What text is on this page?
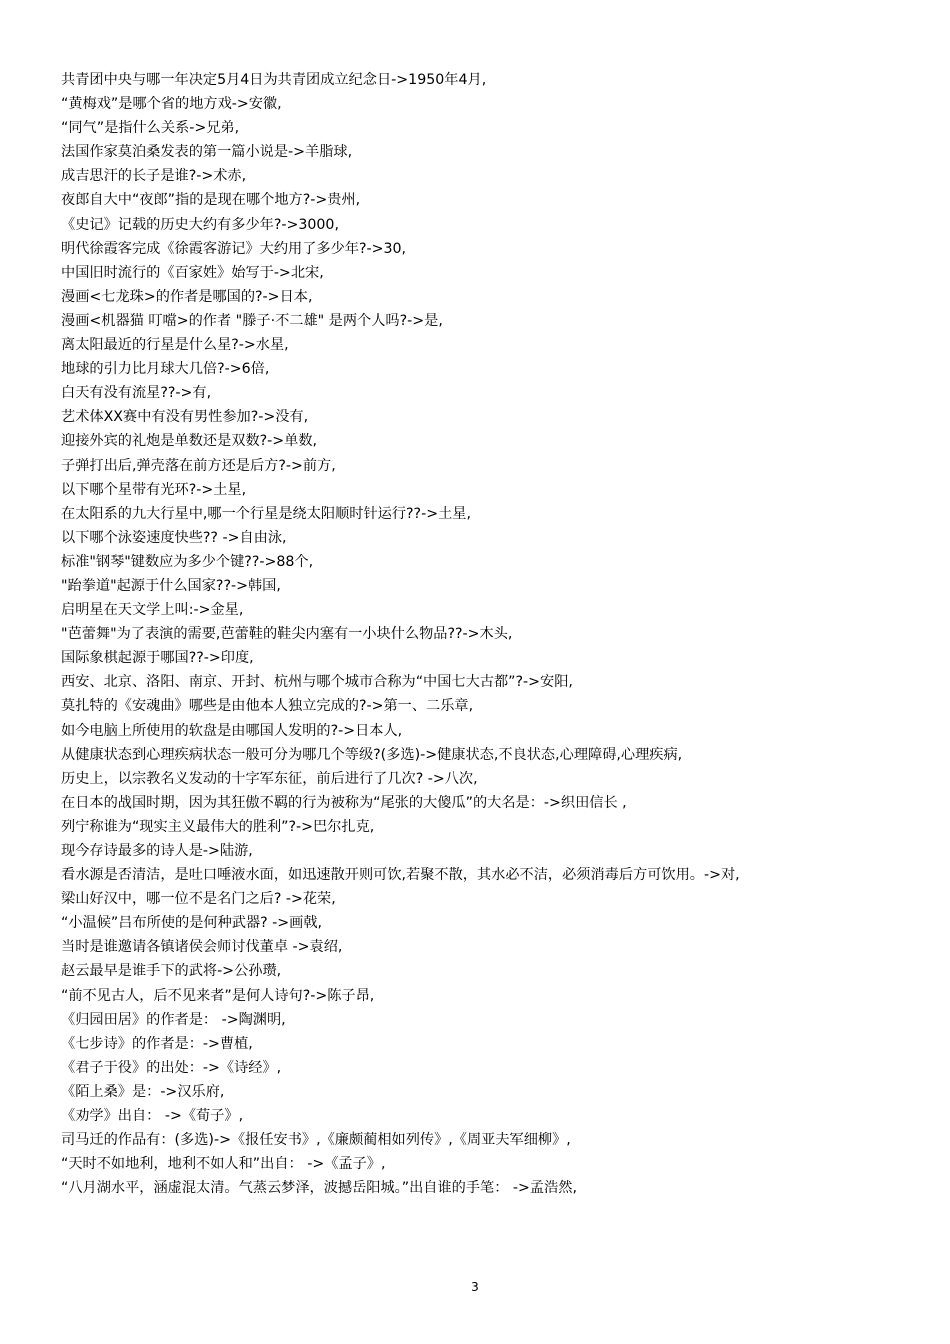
共青团中央与哪一年决定5月4日为共青团成立纪念日->1950年4月,
“黄梅戏”是哪个省的地方戏->安徽,
“同气”是指什么关系->兄弟,
法国作家莫泊桑发表的第一篇小说是->羊脂球,
成吉思汗的长子是谁?->术赤,
夜郎自大中“夜郎”指的是现在哪个地方?->贵州,
《史记》记载的历史大约有多少年?->3000,
明代徐霞客完成《徐霞客游记》大约用了多少年?->30,
中国旧时流行的《百家姓》始写于->北宋,
漫画<七龙珠>的作者是哪国的?->日本,
漫画<机器猫 叮噹>的作者 "滕子·不二雄" 是两个人吗?->是,
离太阳最近的行星是什么星?->水星,
地球的引力比月球大几倍?->6倍,
白天有没有流星??->有,
艺术体XX赛中有没有男性参加?->没有,
迎接外宾的礼炮是单数还是双数?->单数,
子弹打出后,弹壳落在前方还是后方?->前方,
以下哪个星带有光环?->土星,
在太阳系的九大行星中,哪一个行星是绕太阳顺时针运行??->土星,
以下哪个泳姿速度快些?? ->自由泳,
标准"钢琴"键数应为多少个键??->88个,
"跆拳道"起源于什么国家??->韩国,
启明星在天文学上叫:->金星,
"芭蕾舞"为了表演的需要,芭蕾鞋的鞋尖内塞有一小块什么物品??->木头,
国际象棋起源于哪国??->印度,
西安、北京、洛阳、南京、开封、杭州与哪个城市合称为“中国七大古都”?->安阳,
莫扎特的《安魂曲》哪些是由他本人独立完成的?->第一、二乐章,
如今电脑上所使用的软盘是由哪国人发明的?->日本人,
从健康状态到心理疾病状态一般可分为哪几个等级?(多选)->健康状态,不良状态,心理障碍,心理疾病,
历史上，以宗教名义发动的十字军东征，前后进行了几次? ->八次,
在日本的战国时期，因为其狂傲不羁的行为被称为“尾张的大傻瓜”的大名是：->织田信长 ,
列宁称谁为“现实主义最伟大的胜利”?->巴尔扎克,
现今存诗最多的诗人是->陆游,
看水源是否清洁，是吐口唾液水面，如迅速散开则可饮,若聚不散，其水必不洁，必须消毒后方可饮用。->对,
梁山好汉中，哪一位不是名门之后? ->花荣,
“小温候”吕布所使的是何种武器? ->画戟,
当时是谁邀请各镇诸侯会师讨伐董卓 ->袁绍,
赵云最早是谁手下的武将->公孙瓒,
“前不见古人，后不见来者”是何人诗句?->陈子昂,
《归园田居》的作者是： ->陶渊明,
《七步诗》的作者是：->曹植,
《君子于役》的出处：->《诗经》,
《陌上桑》是：->汉乐府,
《劝学》出自： ->《荀子》,
司马迁的作品有：(多选)->《报任安书》,《廉颇蔺相如列传》,《周亚夫军细柳》,
“天时不如地利，地利不如人和”出自： ->《孟子》,
“八月湖水平，涵虚混太清。气蒸云梦泽，波撼岳阳城。”出自谁的手笔： ->孟浩然,
3
